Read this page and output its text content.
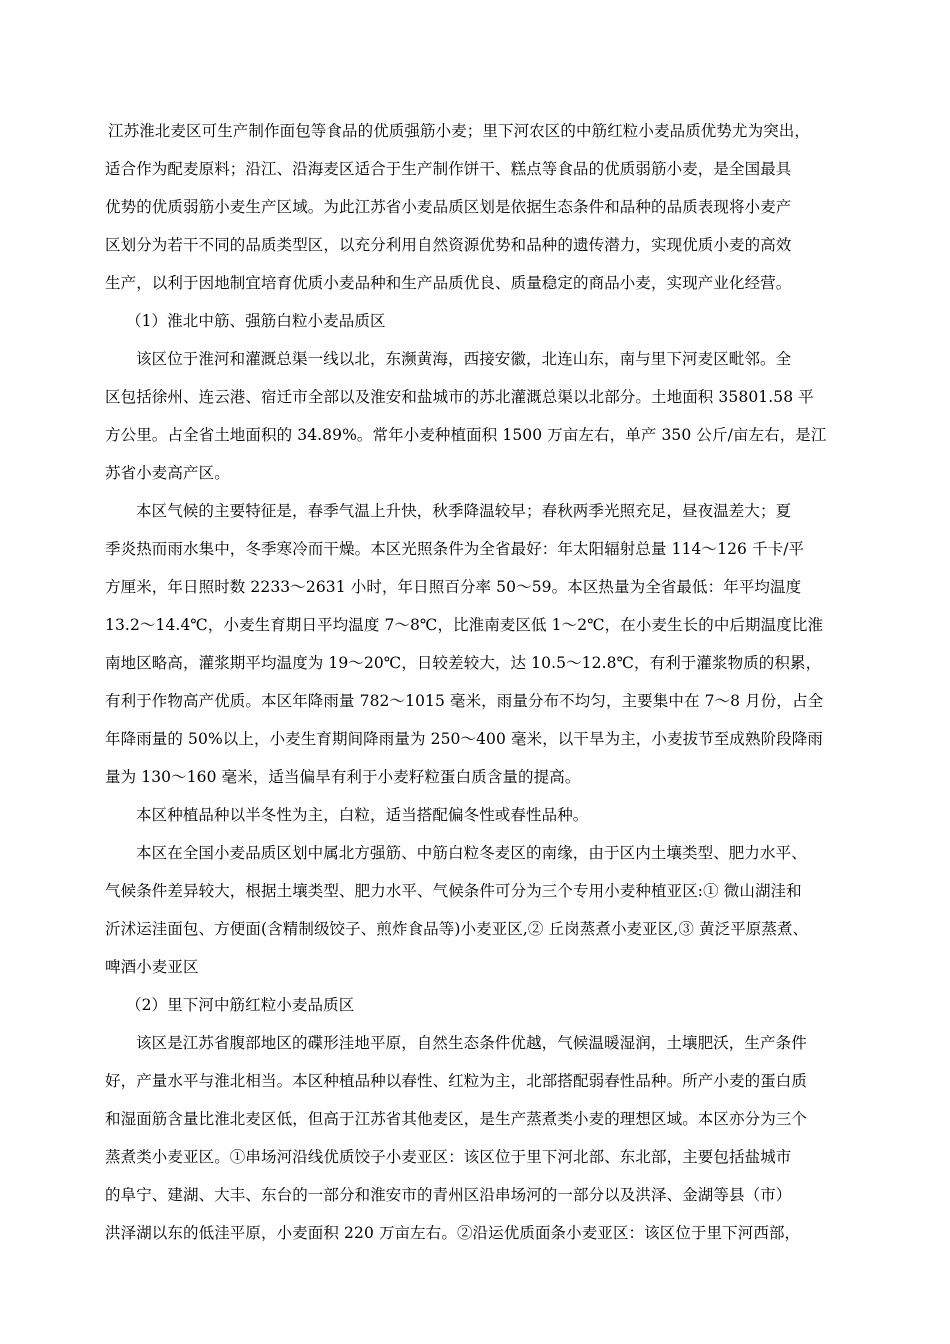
江苏淮北麦区可生产制作面包等食品的优质强筋小麦；里下河农区的中筋红粒小麦品质优势尤为突出，
适合作为配麦原料；沿江、沿海麦区适合于生产制作饼干、糕点等食品的优质弱筋小麦，是全国最具
优势的优质弱筋小麦生产区域。为此江苏省小麦品质区划是依据生态条件和品种的品质表现将小麦产
区划分为若干不同的品质类型区，以充分利用自然资源优势和品种的遗传潜力，实现优质小麦的高效
生产，以利于因地制宜培育优质小麦品种和生产品质优良、质量稳定的商品小麦，实现产业化经营。
（1）淮北中筋、强筋白粒小麦品质区
该区位于淮河和灌溉总渠一线以北，东濒黄海，西接安徽，北连山东，南与里下河麦区毗邻。全
区包括徐州、连云港、宿迁市全部以及淮安和盐城市的苏北灌溉总渠以北部分。土地面积 35801.58 平
方公里。占全省土地面积的 34.89%。常年小麦种植面积 1500 万亩左右，单产 350 公斤/亩左右，是江
苏省小麦高产区。
本区气候的主要特征是，春季气温上升快，秋季降温较早；春秋两季光照充足，昼夜温差大；夏
季炎热而雨水集中，冬季寒冷而干燥。本区光照条件为全省最好：年太阳辐射总量 114～126 千卡/平
方厘米，年日照时数 2233～2631 小时，年日照百分率 50～59。本区热量为全省最低：年平均温度
13.2～14.4℃，小麦生育期日平均温度 7～8℃，比淮南麦区低 1～2℃，在小麦生长的中后期温度比淮
南地区略高，灌浆期平均温度为 19～20℃，日较差较大，达 10.5～12.8℃，有利于灌浆物质的积累，
有利于作物高产优质。本区年降雨量 782～1015 毫米，雨量分布不均匀，主要集中在 7～8 月份，占全
年降雨量的 50%以上，小麦生育期间降雨量为 250～400 毫米，以干旱为主，小麦拔节至成熟阶段降雨
量为 130～160 毫米，适当偏旱有利于小麦籽粒蛋白质含量的提高。
本区种植品种以半冬性为主，白粒，适当搭配偏冬性或春性品种。
本区在全国小麦品质区划中属北方强筋、中筋白粒冬麦区的南缘，由于区内土壤类型、肥力水平、
气候条件差异较大，根据土壤类型、肥力水平、气候条件可分为三个专用小麦种植亚区:① 微山湖洼和
沂沭运洼面包、方便面(含精制级饺子、煎炸食品等)小麦亚区,② 丘岗蒸煮小麦亚区,③ 黄泛平原蒸煮、
啤酒小麦亚区
（2）里下河中筋红粒小麦品质区
该区是江苏省腹部地区的碟形洼地平原，自然生态条件优越，气候温暖湿润，土壤肥沃，生产条件
好，产量水平与淮北相当。本区种植品种以春性、红粒为主，北部搭配弱春性品种。所产小麦的蛋白质
和湿面筋含量比淮北麦区低，但高于江苏省其他麦区，是生产蒸煮类小麦的理想区域。本区亦分为三个
蒸煮类小麦亚区。①串场河沿线优质饺子小麦亚区：该区位于里下河北部、东北部，主要包括盐城市
的阜宁、建湖、大丰、东台的一部分和淮安市的青州区沿串场河的一部分以及洪泽、金湖等县（市）
洪泽湖以东的低洼平原，小麦面积 220 万亩左右。②沿运优质面条小麦亚区：该区位于里下河西部，
